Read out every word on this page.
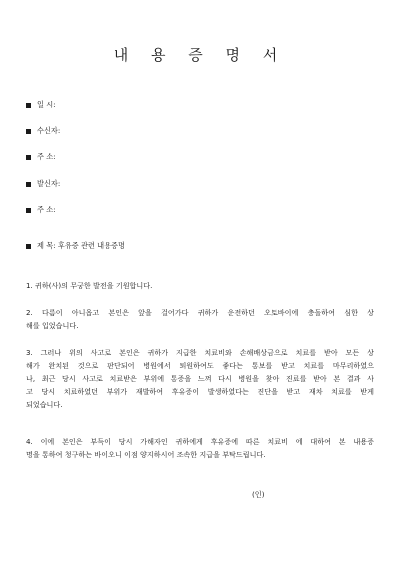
내 용 증 명 서
일 시:
수신자:
주 소:
발신자:
주 소:
제 목: 후유증 관련 내용증명
1. 귀하(사)의 무궁한 발전을 기원합니다.
2. 다름이 아니옵고 본인은 앞을 걸어가다 귀하가 운전하던 오토바이에 충돌하여 심한 상
해를 입었습니다.
3. 그러나 위의 사고로 본인은 귀하가 지급한 치료비와 손해배상금으로 치료를 받아 모든 상
해가 완치된 것으로 판단되어 병원에서 퇴원하여도 좋다는 통보를 받고 치료를 마무리하였으
나, 최근 당시 사고로 치료받은 부위에 통증을 느껴 다시 병원을 찾아 진료를 받아 본 결과 사
고 당시 치료하였던 부위가 재발하여 후유증이 발생하였다는 진단을 받고 재차 치료를 받게
되었습니다.
4. 이에 본인은 부득이 당시 가해자인 귀하에게 후유증에 따른 치료비 에 대하여 본 내용증
명을 통하여 청구하는 바이오니 이점 양지하시어 조속한 지급을 부탁드립니다.
(인)
